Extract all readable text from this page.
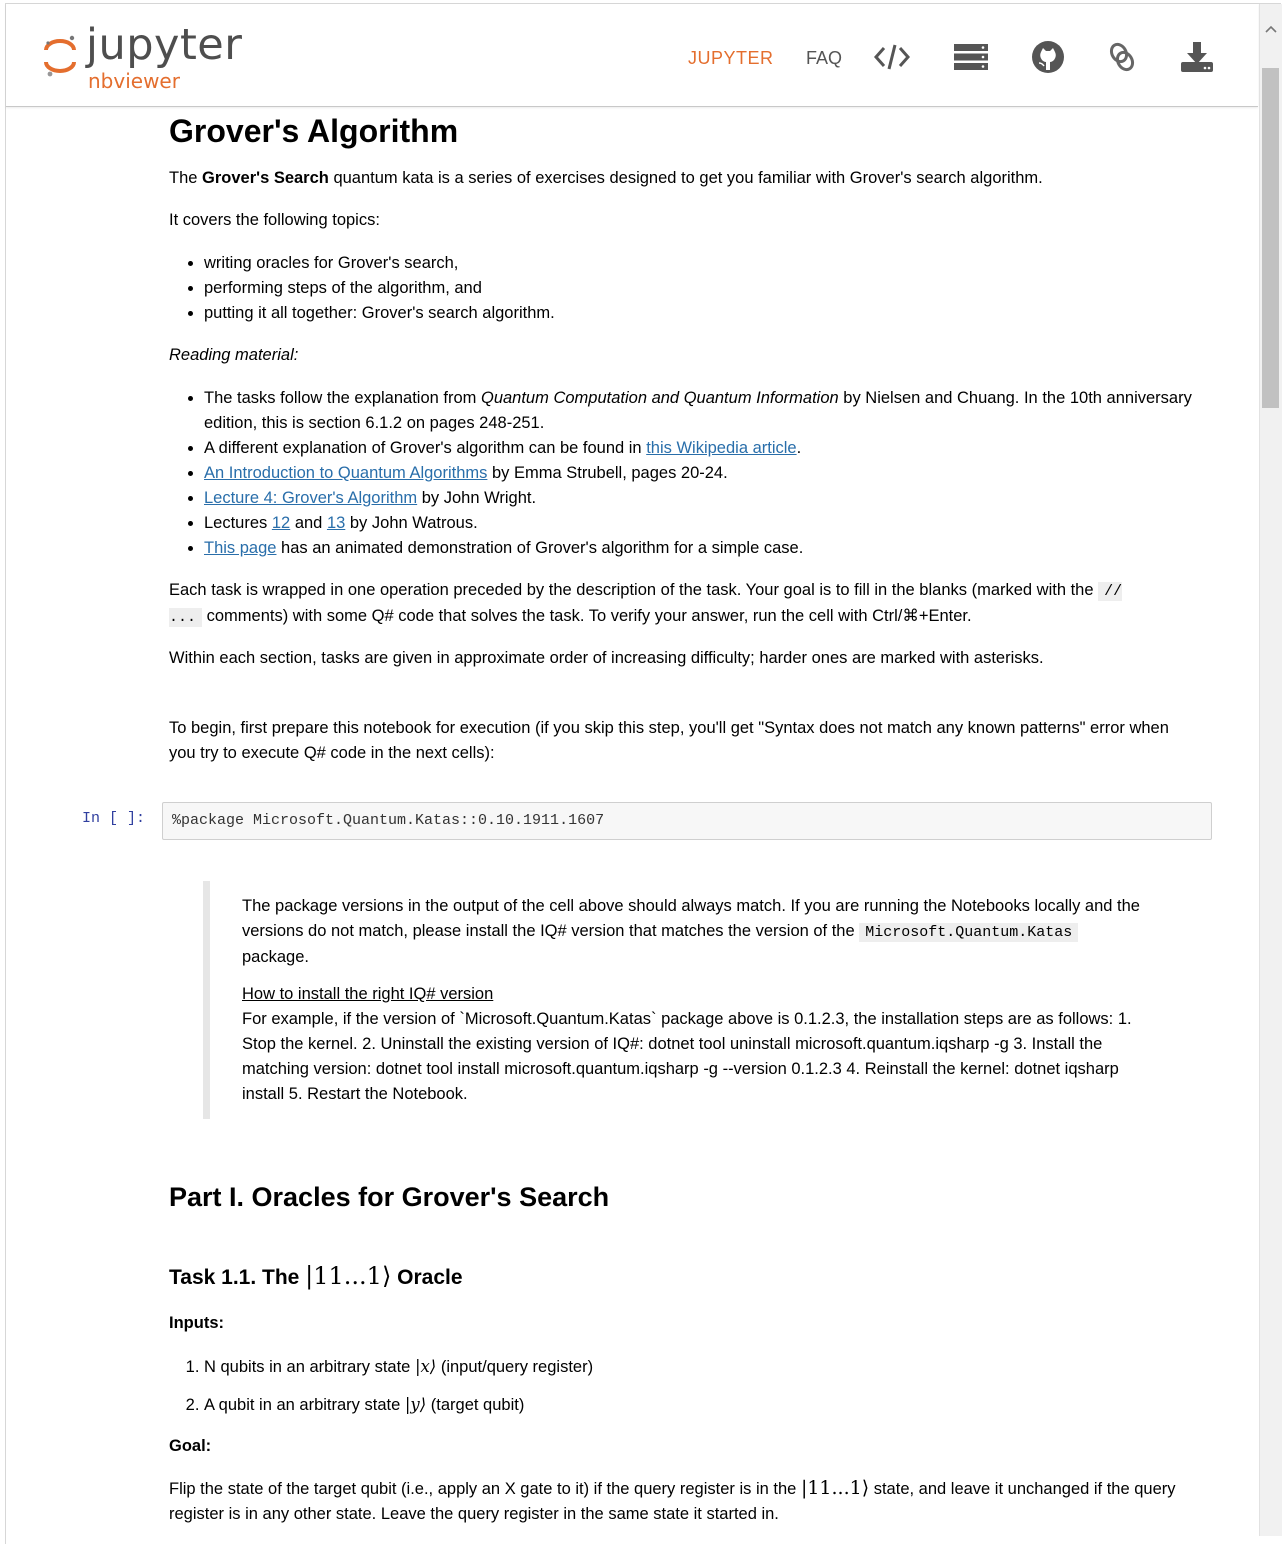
jupyter
nbviewer
JUPYTER FAQ
Grover's Algorithm

The Grover's Search quantum kata is a series of exercises designed to get you familiar with Grover's search algorithm.

It covers the following topics:

• writing oracles for Grover's search,
• performing steps of the algorithm, and
• putting it all together: Grover's search algorithm.

Reading material:

• The tasks follow the explanation from Quantum Computation and Quantum Information by Nielsen and Chuang. In the 10th anniversary edition, this is section 6.1.2 on pages 248-251.
• A different explanation of Grover's algorithm can be found in this Wikipedia article.
• An Introduction to Quantum Algorithms by Emma Strubell, pages 20-24.
• Lecture 4: Grover's Algorithm by John Wright.
• Lectures 12 and 13 by John Watrous.
• This page has an animated demonstration of Grover's algorithm for a simple case.

Each task is wrapped in one operation preceded by the description of the task. Your goal is to fill in the blanks (marked with the // ... comments) with some Q# code that solves the task. To verify your answer, run the cell with Ctrl/⌘+Enter.

Within each section, tasks are given in approximate order of increasing difficulty; harder ones are marked with asterisks.

To begin, first prepare this notebook for execution (if you skip this step, you'll get "Syntax does not match any known patterns" error when you try to execute Q# code in the next cells):

In [ ]: %package Microsoft.Quantum.Katas::0.10.1911.1607

The package versions in the output of the cell above should always match. If you are running the Notebooks locally and the versions do not match, please install the IQ# version that matches the version of the Microsoft.Quantum.Katas package.

How to install the right IQ# version
For example, if the version of `Microsoft.Quantum.Katas` package above is 0.1.2.3, the installation steps are as follows: 1. Stop the kernel. 2. Uninstall the existing version of IQ#: dotnet tool uninstall microsoft.quantum.iqsharp -g 3. Install the matching version: dotnet tool install microsoft.quantum.iqsharp -g --version 0.1.2.3 4. Reinstall the kernel: dotnet iqsharp install 5. Restart the Notebook.

Part I. Oracles for Grover's Search
Task 1.1. The |11...1⟩ Oracle

Inputs:

1. N qubits in an arbitrary state |x⟩ (input/query register)
2. A qubit in an arbitrary state |y⟩ (target qubit)

Goal:

Flip the state of the target qubit (i.e., apply an X gate to it) if the query register is in the |11...1⟩ state, and leave it unchanged if the query register is in any other state. Leave the query register in the same state it started in.
